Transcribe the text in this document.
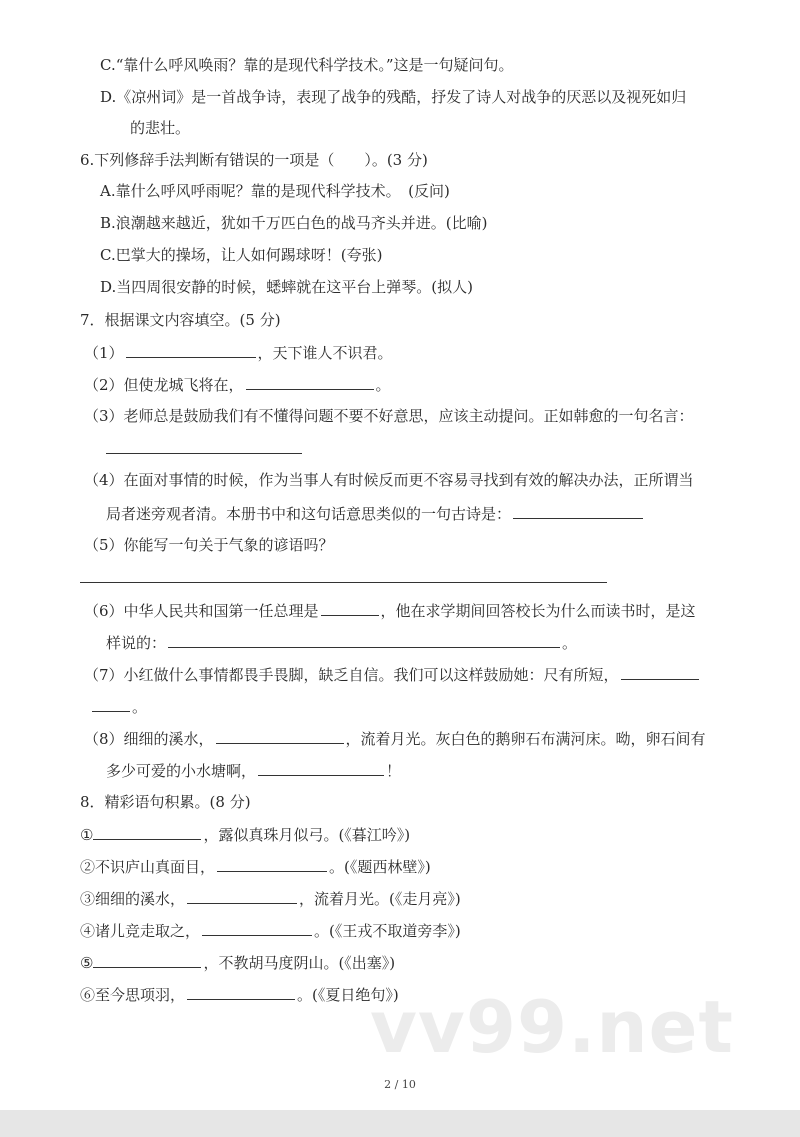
C.“靠什么呼风唤雨？靠的是现代科学技术。”这是一句疑问句。
D.《凉州词》是一首战争诗，表现了战争的残酷，抒发了诗人对战争的厌恶以及视死如归
的悲壮。
6.下列修辞手法判断有错误的一项是（　　）。(3 分)
A.靠什么呼风呼雨呢？靠的是现代科学技术。　(反问)
B.浪潮越来越近，犹如千万匹白色的战马齐头并进。(比喻)
C.巴掌大的操场，让人如何踢球呀！(夸张)
D.当四周很安静的时候，蟋蟀就在这平台上弹琴。(拟人)
7．根据课文内容填空。(5 分)
（1）	，天下谁人不识君。
（2）但使龙城飞将在，	。
（3）老师总是鼓励我们有不懂得问题不要不好意思，应该主动提问。正如韩愈的一句名言：
（4）在面对事情的时候，作为当事人有时候反而更不容易寻找到有效的解决办法，正所谓当
局者迷旁观者清。本册书中和这句话意思类似的一句古诗是：
（5）你能写一句关于气象的谚语吗？
（6）中华人民共和国第一任总理是	，他在求学期间回答校长为什么而读书时，是这
样说的：	。
（7）小红做什么事情都畏手畏脚，缺乏自信。我们可以这样鼓励她：尺有所短，
。
（8）细细的溪水，	，流着月光。灰白色的鹅卵石布满河床。呦，卵石间有
多少可爱的小水塘啊，	！
8．精彩语句积累。(8 分)
①	，露似真珠月似弓。(《暮江吟》)
②不识庐山真面目，	。(《题西林壁》)
③细细的溪水，	，流着月光。(《走月亮》)
④诸儿竞走取之，	。(《王戎不取道旁李》)
⑤	，不教胡马度阴山。(《出塞》)
⑥至今思项羽，	。(《夏日绝句》)
vv99.net
2 / 10
